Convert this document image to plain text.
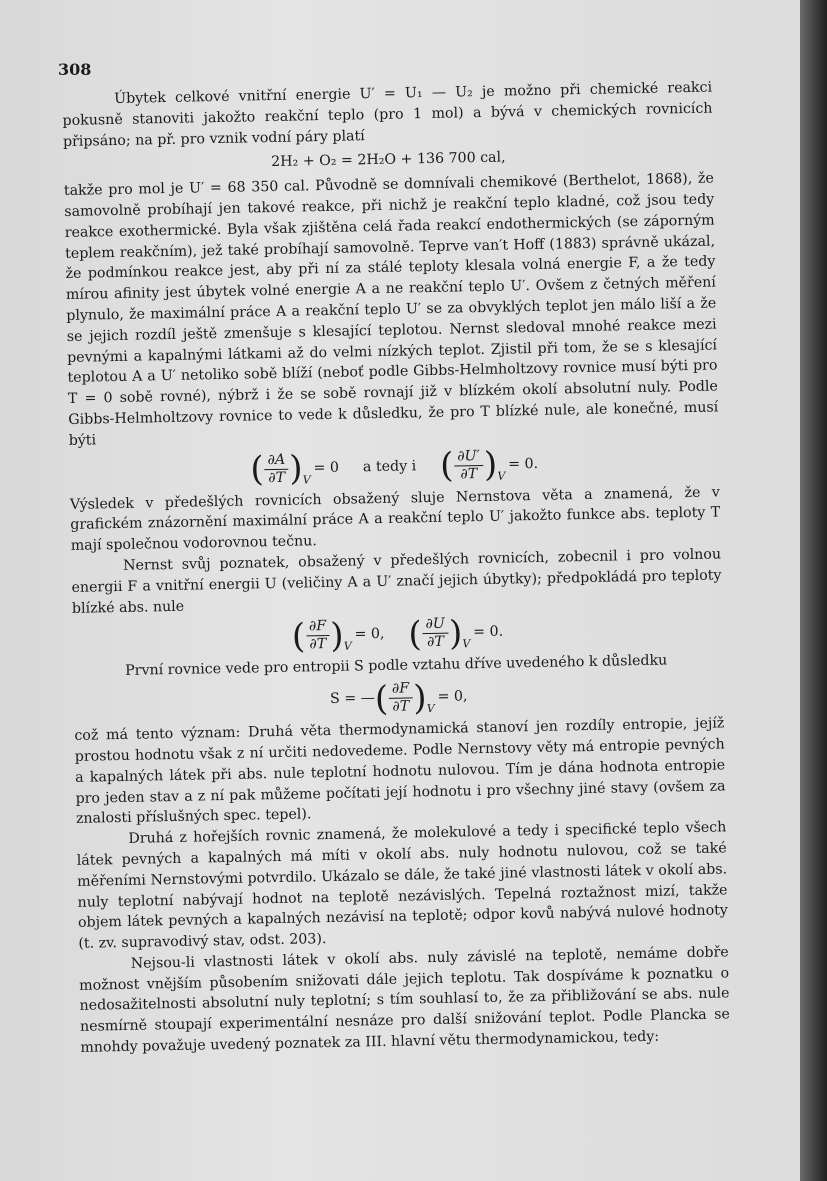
308

Úbytek celkové vnitřní energie U′ = U₁ — U₂ je možno při chemické reakci pokusně stanoviti jakožto reakční teplo (pro 1 mol) a bývá v chemických rovnicích připsáno; na př. pro vznik vodní páry platí

2H₂ + O₂ = 2H₂O + 136 700 cal,

takže pro mol je U′ = 68 350 cal. Původně se domnívali chemikové (Berthelot, 1868), že samovolně probíhají jen takové reakce, při nichž je reakční teplo kladné, což jsou tedy reakce exothermické. Byla však zjištěna celá řada reakcí endothermických (se záporným teplem reakčním), jež také probíhají samovolně. Teprve van′t Hoff (1883) správně ukázal, že podmínkou reakce jest, aby při ní za stálé teploty klesala volná energie F, a že tedy mírou afinity jest úbytek volné energie A a ne reakční teplo U′. Ovšem z četných měření plynulo, že maximální práce A a reakční teplo U′ se za obvyklých teplot jen málo liší a že se jejich rozdíl ještě zmenšuje s klesající teplotou. Nernst sledoval mnohé reakce mezi pevnými a kapalnými látkami až do velmi nízkých teplot. Zjistil při tom, že se s klesající teplotou A a U′ netoliko sobě blíží (neboť podle Gibbs-Helmholtzovy rovnice musí býti pro T = 0 sobě rovné), nýbrž i že se sobě rovnají již v blízkém okolí absolutní nuly. Podle Gibbs-Helmholtzovy rovnice to vede k důsledku, že pro T blízké nule, ale konečné, musí býti

( $\frac{\partial A}{\partial T}$ ) V
= 0 a tedy i ( $\frac{\partial U'}{\partial T}$ ) V
= 0.

Výsledek v předešlých rovnicích obsažený sluje Nernstova věta a znamená, že v grafickém znázornění maximální práce A a reakční teplo U′ jakožto funkce abs. teploty T mají společnou vodorovnou tečnu.

Nernst svůj poznatek, obsažený v předešlých rovnicích, zobecnil i pro volnou energii F a vnitřní energii U (veličiny A a U′ značí jejich úbytky); předpokládá pro teploty blízké abs. nule

( $\frac{\partial F}{\partial T}$ ) V
= 0, ( $\frac{\partial U}{\partial T}$ ) V
= 0.

První rovnice vede pro entropii S podle vztahu dříve uvedeného k důsledku

S = — ( $\frac{\partial F}{\partial T}$ ) V
= 0,

což má tento význam: Druhá věta thermodynamická stanoví jen rozdíly entropie, jejíž prostou hodnotu však z ní určiti nedovedeme. Podle Nernstovy věty má entropie pevných a kapalných látek při abs. nule teplotní hodnotu nulovou. Tím je dána hodnota entropie pro jeden stav a z ní pak můžeme počítati její hodnotu i pro všechny jiné stavy (ovšem za znalosti příslušných spec. tepel).

Druhá z hořejších rovnic znamená, že molekulové a tedy i specifické teplo všech látek pevných a kapalných má míti v okolí abs. nuly hodnotu nulovou, což se také měřeními Nernstovými potvrdilo. Ukázalo se dále, že také jiné vlastnosti látek v okolí abs. nuly teplotní nabývají hodnot na teplotě nezávislých. Tepelná roztažnost mizí, takže objem látek pevných a kapalných nezávisí na teplotě; odpor kovů nabývá nulové hodnoty (t. zv. supravodivý stav, odst. 203).

Nejsou-li vlastnosti látek v okolí abs. nuly závislé na teplotě, nemáme dobře možnost vnějším působením snižovati dále jejich teplotu. Tak dospíváme k poznatku o nedosažitelnosti absolutní nuly teplotní; s tím souhlasí to, že za přibližování se abs. nule nesmírně stoupají experimentální nesnáze pro další snižování teplot. Podle Plancka se mnohdy považuje uvedený poznatek za III. hlavní větu thermodynamickou, tedy:
